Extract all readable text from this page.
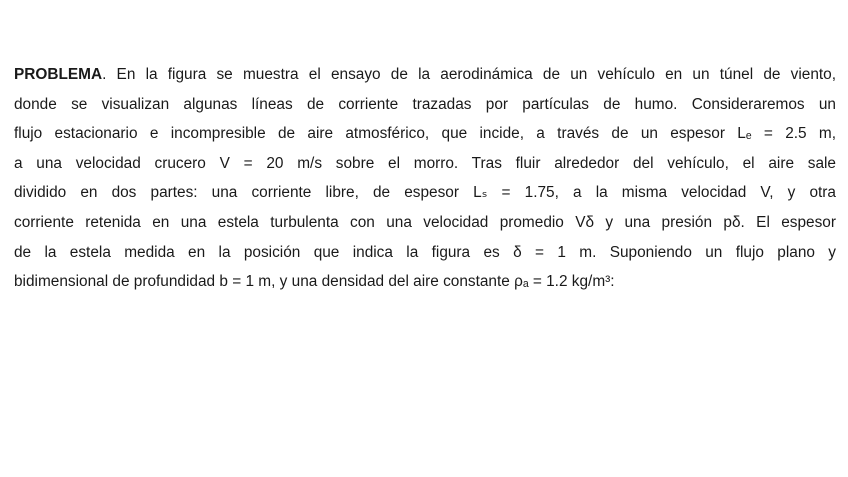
PROBLEMA. En la figura se muestra el ensayo de la aerodinámica de un vehículo en un túnel de viento,
donde se visualizan algunas líneas de corriente trazadas por partículas de humo. Consideraremos un
flujo estacionario e incompresible de aire atmosférico, que incide, a través de un espesor Lₑ = 2.5 m,
a una velocidad crucero V = 20 m/s sobre el morro. Tras fluir alrededor del vehículo, el aire sale
dividido en dos partes: una corriente libre, de espesor Lₛ = 1.75, a la misma velocidad V, y otra
corriente retenida en una estela turbulenta con una velocidad promedio Vδ y una presión pδ. El espesor
de la estela medida en la posición que indica la figura es δ = 1 m. Suponiendo un flujo plano y
bidimensional de profundidad b = 1 m, y una densidad del aire constante ρₐ = 1.2 kg/m³:
